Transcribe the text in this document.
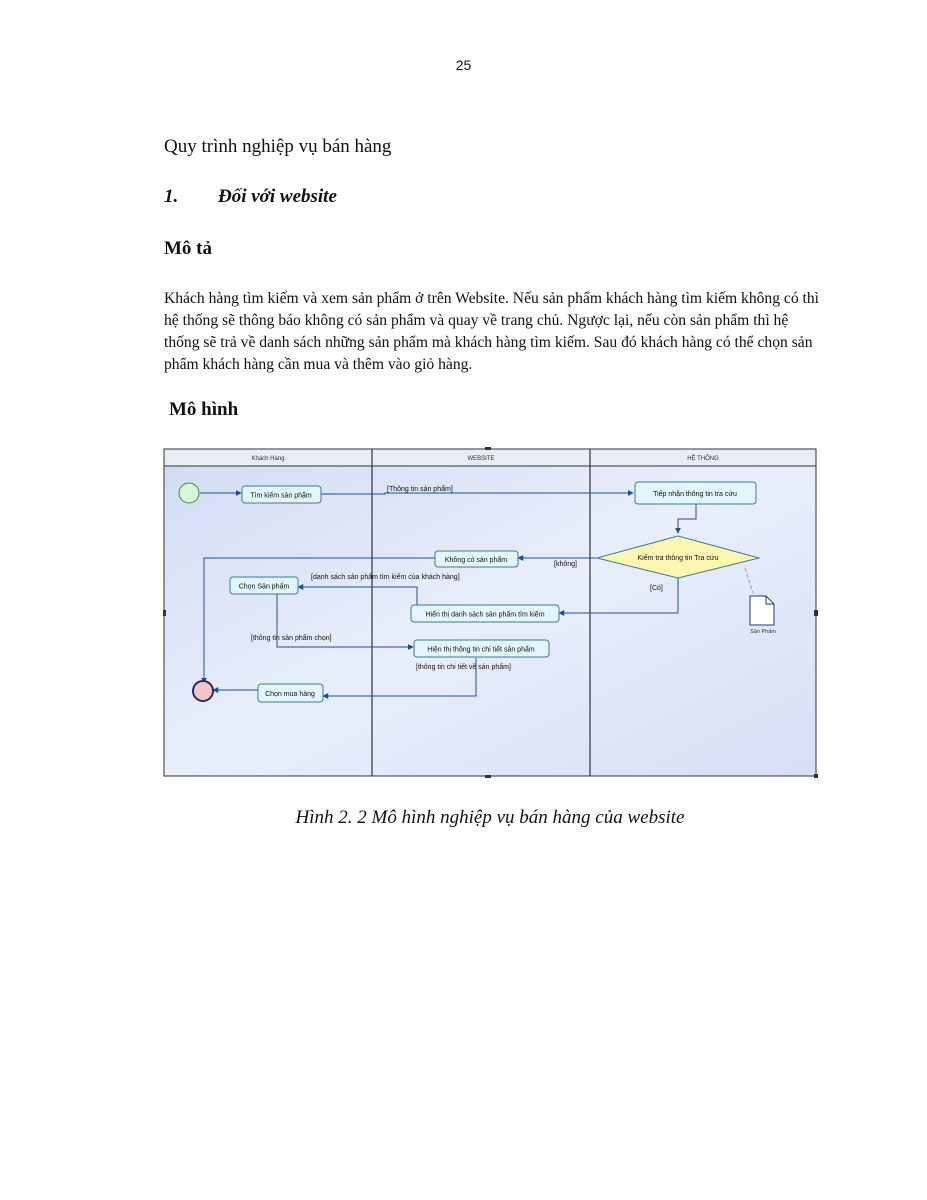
25

Quy trình nghiệp vụ bán hàng

1. Đối với website

Mô tả

Khách hàng tìm kiếm và xem sản phẩm ở trên Website. Nếu sản phẩm khách hàng tìm kiếm không có thì hệ thống sẽ thông báo không có sản phẩm và quay về trang chủ. Ngược lại, nếu còn sản phẩm thì hệ thống sẽ trả về danh sách những sản phẩm mà khách hàng tìm kiếm. Sau đó khách hàng có thể chọn sản phẩm khách hàng cần mua và thêm vào giỏ hàng.

Mô hình

Khách Hàng	WEBSITE	HỆ THỐNG
Tìm kiếm sản phẩm	Tiếp nhận thông tin tra cứu
Kiểm tra thông tin Tra cứu
Không có sản phẩm
Chọn Sản phẩm
Hiển thị danh sách sản phẩm tìm kiếm
Hiện thị thông tin chi tiết sản phẩm
Chọn mua hàng
Sản Phẩm
[Thông tin sản phẩm]
[không]
[Có]
[danh sách sản phẩm tìm kiếm của khách hàng]
[thông tin sản phẩm chọn]
[thông tin chi tiết về sản phẩm]

Hình 2. 2 Mô hình nghiệp vụ bán hàng của website
